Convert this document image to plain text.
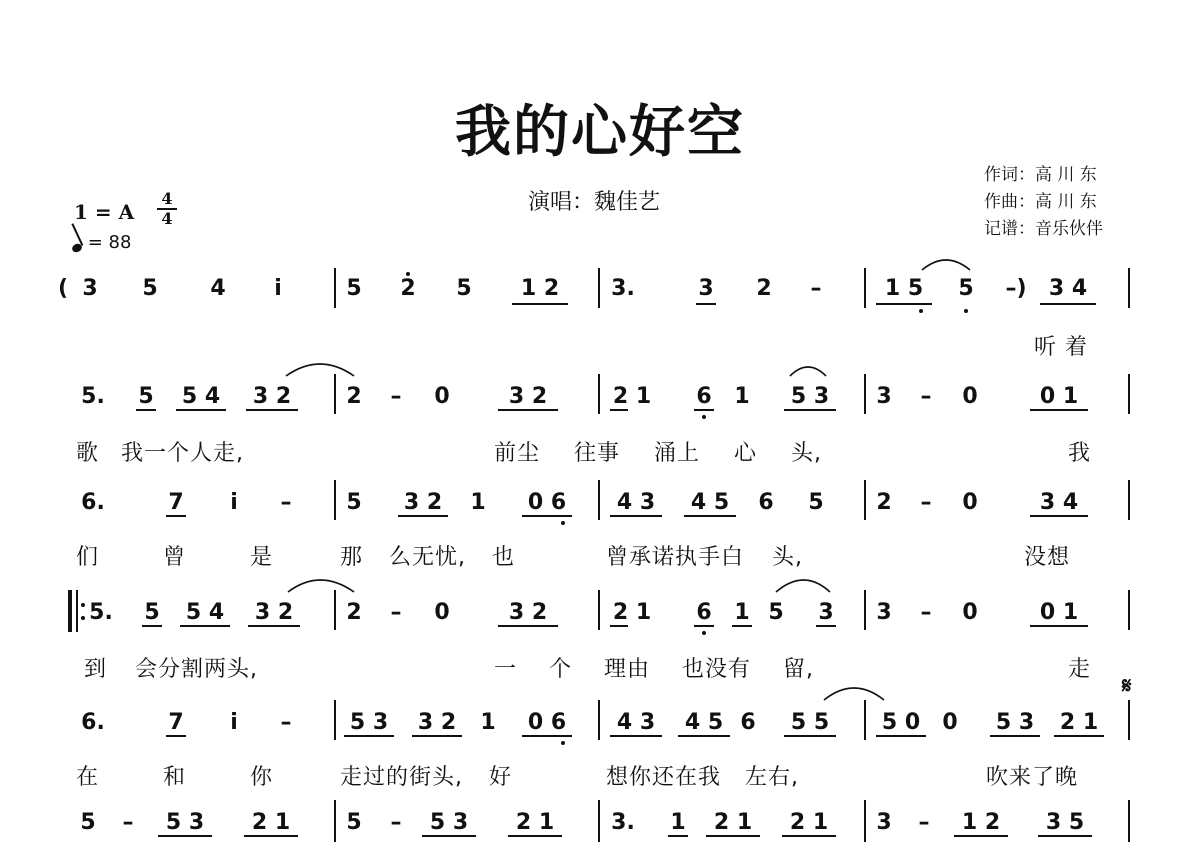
我的心好空
演唱：魏佳艺
作词：高 川 东
作曲：高 川 东
记谱：音乐伙伴
1 = A
4
4
= 88
( 3 5 4 i	5 2 5	1 2	3.	3 2 –	1 5	5	–)	3 4
听 着
5. 5	5 4	3 2	2 – 0	3 2	2 1 6 1	5 3	3 – 0	0 1
歌 我一个人走,	前尘 往事 涌上 心 头,	我
6.	7 i – 5	3 2	1	0 6	4 3	4 5	6 5 2 – 0	3 4
们 曾 是	那 么无忧, 也	曾承诺执手白 头,	没想
5. 5	5 4	3 2	2 – 0	3 2	2 1 6 1 5 3 3 – 0	0 1
到 会分割两头,	一 个 理由 也没有 留,	走
𝄋
6.	7 i –	5 3	3 2	1	0 6	4 3	4 5 6	5 5	5 0	0	5 3	2 1
在 和 你	走过的街头, 好	想你还在我 左右,	吹来了晚
5 –	5 3	2 1	5 –	5 3	2 1	3. 1	2 1	2 1	3 –	1 2	3 5
